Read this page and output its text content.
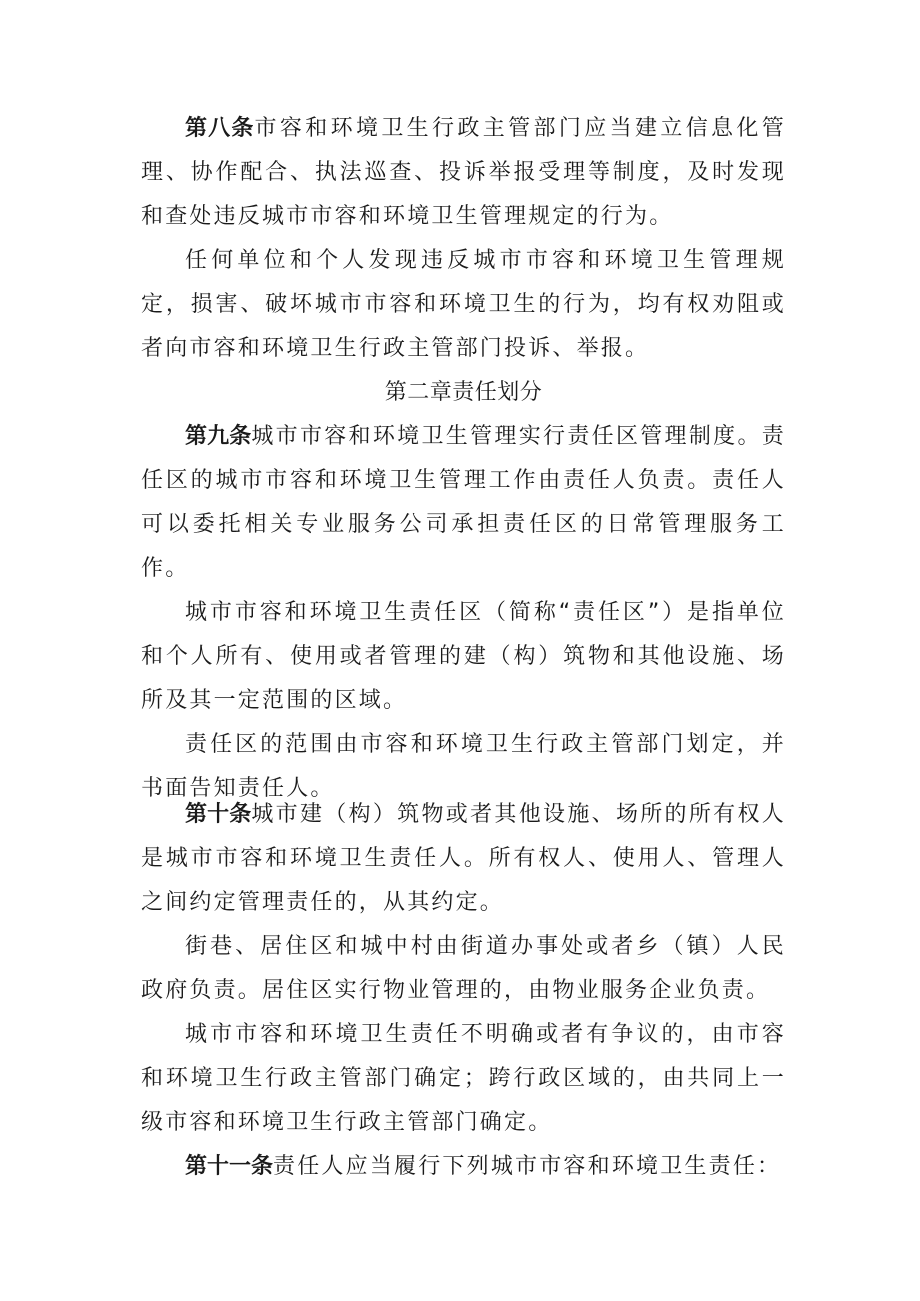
第八条市容和环境卫生行政主管部门应当建立信息化管理、协作配合、执法巡查、投诉举报受理等制度，及时发现和查处违反城市市容和环境卫生管理规定的行为。

任何单位和个人发现违反城市市容和环境卫生管理规定，损害、破坏城市市容和环境卫生的行为，均有权劝阻或者向市容和环境卫生行政主管部门投诉、举报。

第二章责任划分

第九条城市市容和环境卫生管理实行责任区管理制度。责任区的城市市容和环境卫生管理工作由责任人负责。责任人可以委托相关专业服务公司承担责任区的日常管理服务工作。

城市市容和环境卫生责任区（简称“责任区”）是指单位和个人所有、使用或者管理的建（构）筑物和其他设施、场所及其一定范围的区域。

责任区的范围由市容和环境卫生行政主管部门划定，并书面告知责任人。

第十条城市建（构）筑物或者其他设施、场所的所有权人是城市市容和环境卫生责任人。所有权人、使用人、管理人之间约定管理责任的，从其约定。

街巷、居住区和城中村由街道办事处或者乡（镇）人民政府负责。居住区实行物业管理的，由物业服务企业负责。

城市市容和环境卫生责任不明确或者有争议的，由市容和环境卫生行政主管部门确定；跨行政区域的，由共同上一级市容和环境卫生行政主管部门确定。

第十一条责任人应当履行下列城市市容和环境卫生责任：
